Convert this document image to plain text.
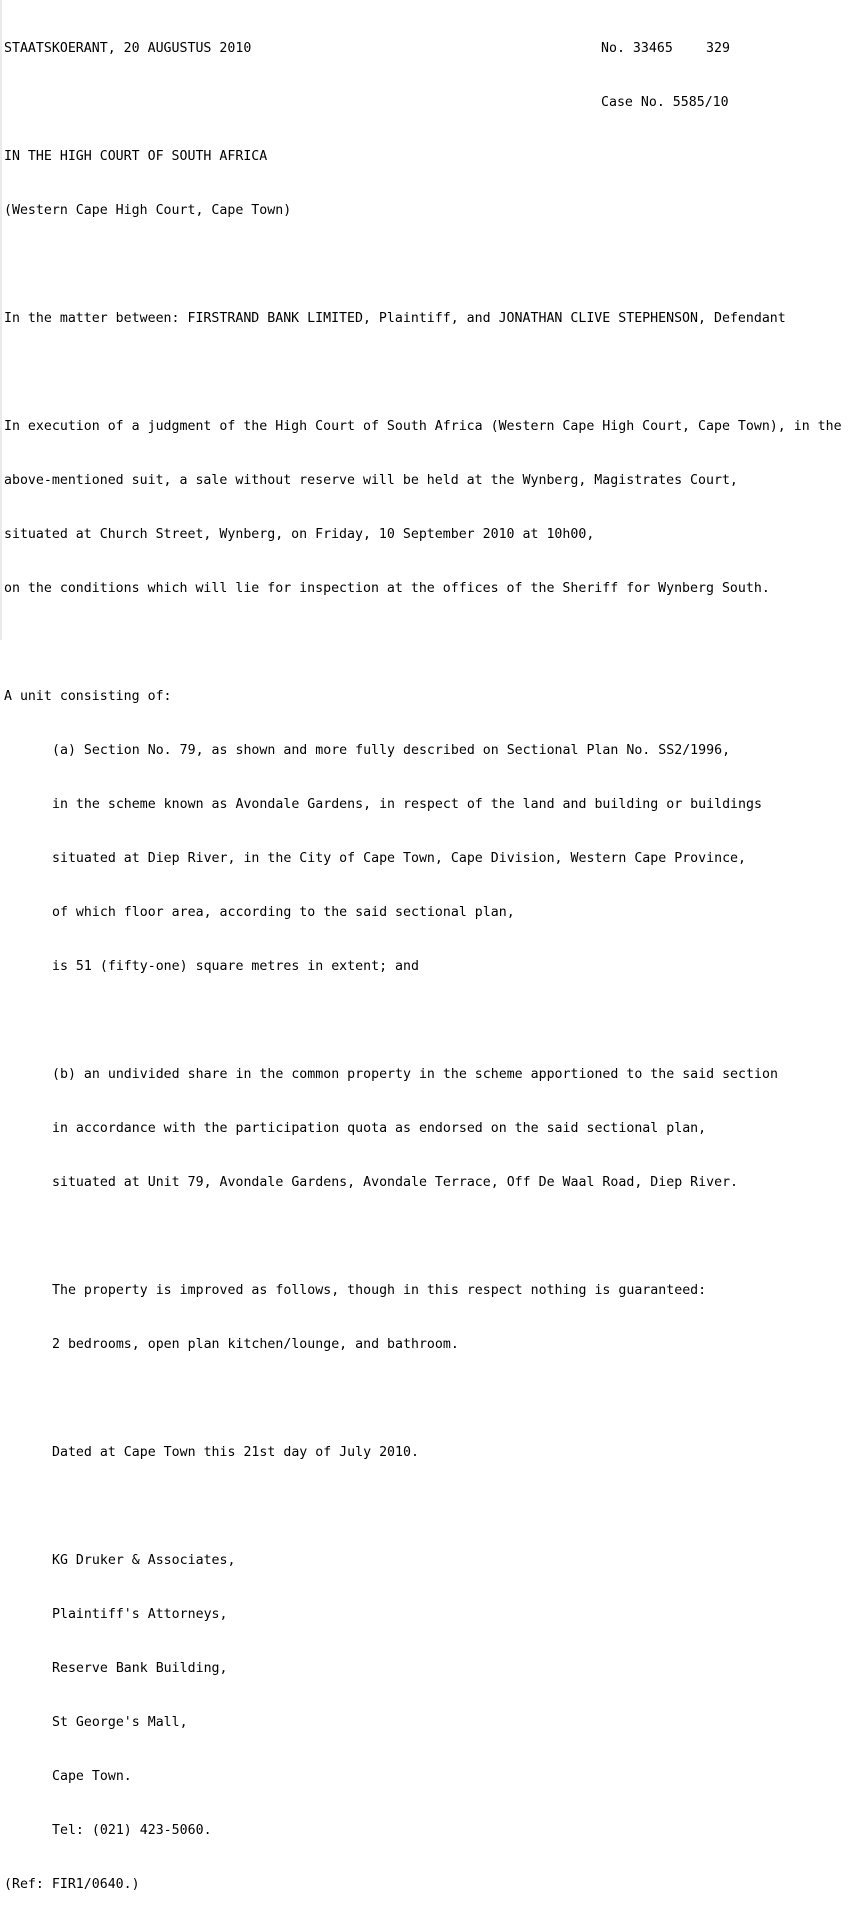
STAATSKOERANT, 20 AUGUSTUS 2010	No. 33465	329

Case No. 5585/10

IN THE HIGH COURT OF SOUTH AFRICA

(Western Cape High Court, Cape Town)

In the matter between: FIRSTRAND BANK LIMITED, Plaintiff, and JONATHAN CLIVE STEPHENSON, Defendant

In execution of a judgment of the High Court of South Africa (Western Cape High Court, Cape Town), in the

above-mentioned suit, a sale without reserve will be held at the Wynberg, Magistrates Court,

situated at Church Street, Wynberg, on Friday, 10 September 2010 at 10h00,

on the conditions which will lie for inspection at the offices of the Sheriff for Wynberg South.

A unit consisting of:

(a) Section No. 79, as shown and more fully described on Sectional Plan No. SS2/1996,

in the scheme known as Avondale Gardens, in respect of the land and building or buildings

situated at Diep River, in the City of Cape Town, Cape Division, Western Cape Province,

of which floor area, according to the said sectional plan,

is 51 (fifty-one) square metres in extent; and

(b) an undivided share in the common property in the scheme apportioned to the said section

in accordance with the participation quota as endorsed on the said sectional plan,

situated at Unit 79, Avondale Gardens, Avondale Terrace, Off De Waal Road, Diep River.

The property is improved as follows, though in this respect nothing is guaranteed:

2 bedrooms, open plan kitchen/lounge, and bathroom.

Dated at Cape Town this 21st day of July 2010.

KG Druker & Associates,

Plaintiff's Attorneys,

Reserve Bank Building,

St George's Mall,

Cape Town.

Tel: (021) 423-5060.

(Ref: FIR1/0640.)
